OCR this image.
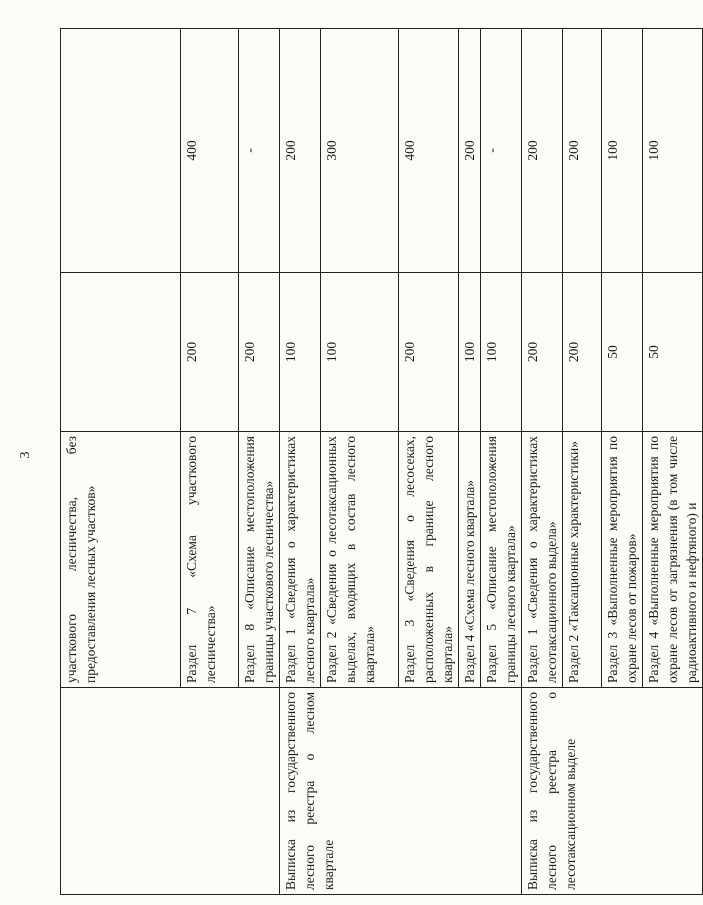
3
	участкового лесничества, без предоставления лесных участков»		
	Раздел 7 «Схема участкового лесничества»	200	400
	Раздел 8 «Описание местоположения границы участкового лесничества»	200	-
Выписка из государственного лесного реестра о лесном квартале	Раздел 1 «Сведения о характеристиках лесного квартала»	100	200
	Раздел 2 «Сведения о лесотаксационных выделах, входящих в состав лесного квартала»	100	300
	Раздел 3 «Сведения о лесосеках, расположенных в границе лесного квартала»	200	400
	Раздел 4 «Схема лесного квартала»	100	200
	Раздел 5 «Описание местоположения границы лесного квартала»	100	-
Выписка из государственного лесного реестра о лесотаксационном выделе	Раздел 1 «Сведения о характеристиках лесотаксационного выдела»	200	200
	Раздел 2 «Таксационные характеристики»	200	200
	Раздел 3 «Выполненные мероприятия по охране лесов от пожаров»	50	100
	Раздел 4 «Выполненные мероприятия по охране лесов от загрязнения (в том числе радиоактивного и нефтяного) и	50	100
